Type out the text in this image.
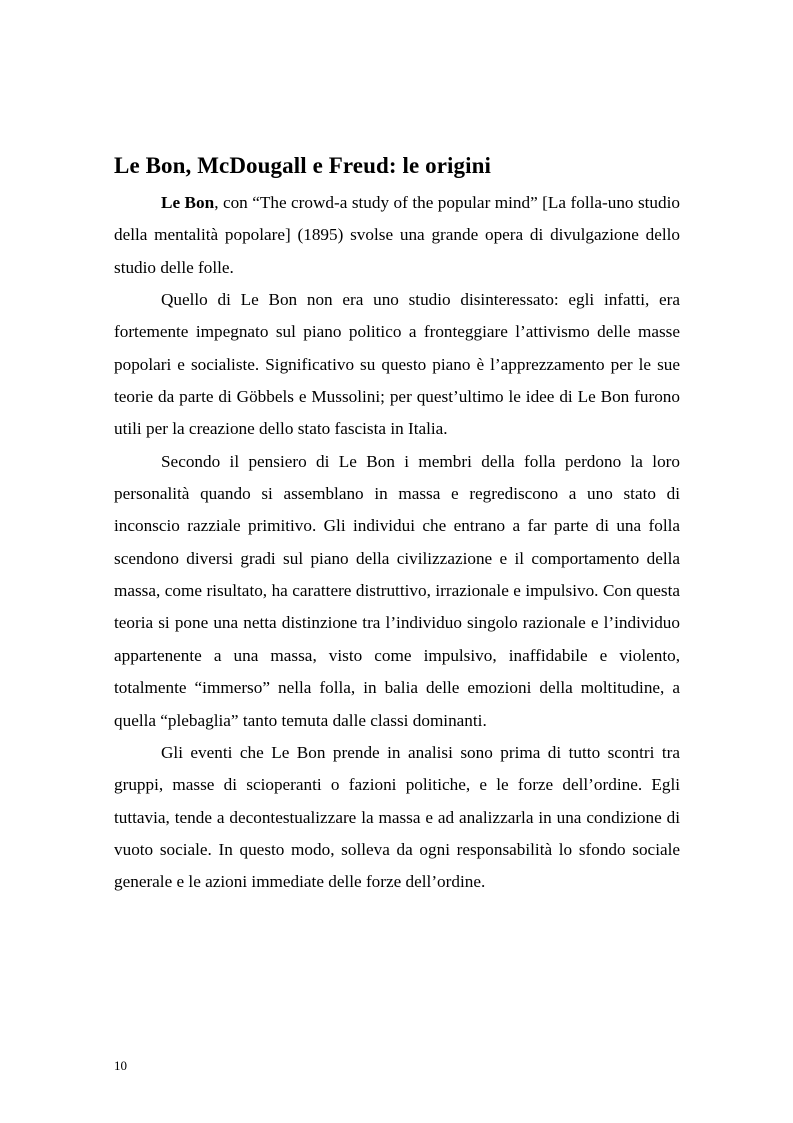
Le Bon, McDougall e Freud: le origini

Le Bon, con “The crowd-a study of the popular mind” [La folla-uno studio della mentalità popolare] (1895) svolse una grande opera di divulgazione dello studio delle folle.

Quello di Le Bon non era uno studio disinteressato: egli infatti, era fortemente impegnato sul piano politico a fronteggiare l’attivismo delle masse popolari e socialiste. Significativo su questo piano è l’apprezzamento per le sue teorie da parte di Göbbels e Mussolini; per quest’ultimo le idee di Le Bon furono utili per la creazione dello stato fascista in Italia.

Secondo il pensiero di Le Bon i membri della folla perdono la loro personalità quando si assemblano in massa e regrediscono a uno stato di inconscio razziale primitivo. Gli individui che entrano a far parte di una folla scendono diversi gradi sul piano della civilizzazione e il comportamento della massa, come risultato, ha carattere distruttivo, irrazionale e impulsivo. Con questa teoria si pone una netta distinzione tra l’individuo singolo razionale e l’individuo appartenente a una massa, visto come impulsivo, inaffidabile e violento, totalmente “immerso” nella folla, in balia delle emozioni della moltitudine, a quella “plebaglia” tanto temuta dalle classi dominanti.

Gli eventi che Le Bon prende in analisi sono prima di tutto scontri tra gruppi, masse di scioperanti o fazioni politiche, e le forze dell’ordine. Egli tuttavia, tende a decontestualizzare la massa e ad analizzarla in una condizione di vuoto sociale. In questo modo, solleva da ogni responsabilità lo sfondo sociale generale e le azioni immediate delle forze dell’ordine.

10
